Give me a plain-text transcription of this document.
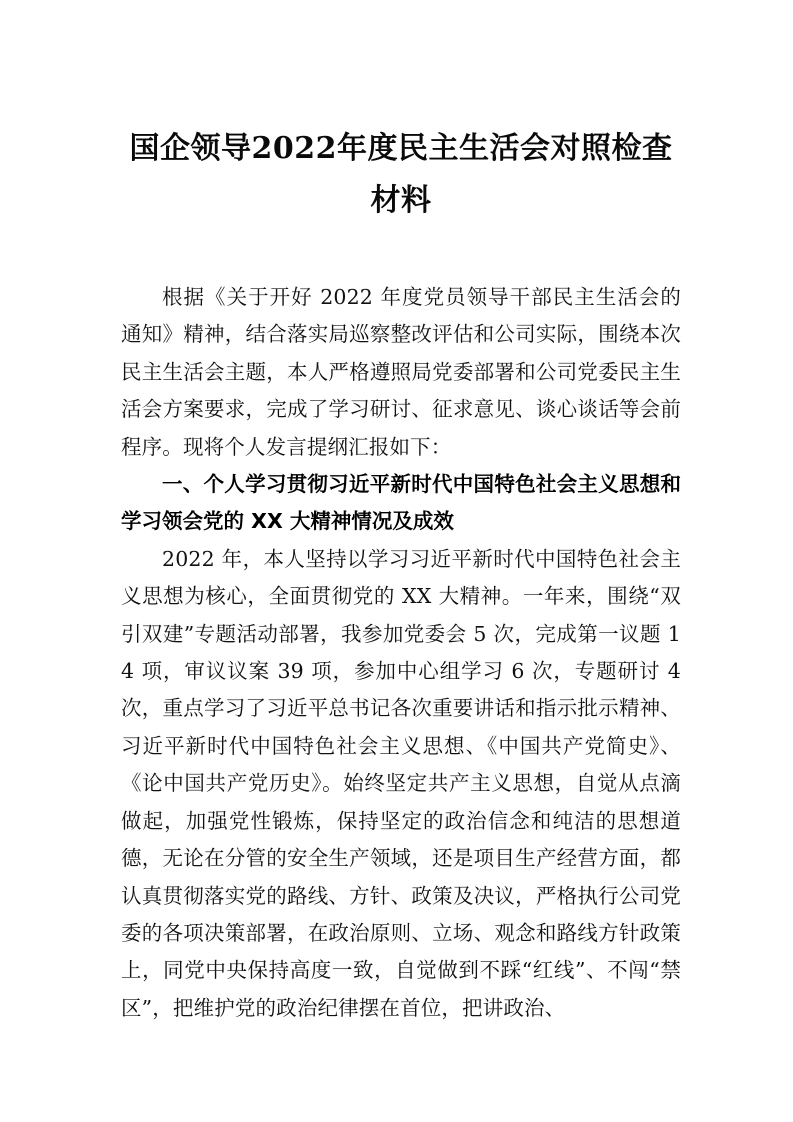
国企领导2022年度民主生活会对照检查材料

根据《关于开好 2022 年度党员领导干部民主生活会的通知》精神，结合落实局巡察整改评估和公司实际，围绕本次民主生活会主题，本人严格遵照局党委部署和公司党委民主生活会方案要求，完成了学习研讨、征求意见、谈心谈话等会前程序。现将个人发言提纲汇报如下：

一、个人学习贯彻习近平新时代中国特色社会主义思想和学习领会党的 XX 大精神情况及成效

2022 年，本人坚持以学习习近平新时代中国特色社会主义思想为核心，全面贯彻党的 XX 大精神。一年来，围绕“双引双建”专题活动部署，我参加党委会 5 次，完成第一议题 14 项，审议议案 39 项，参加中心组学习 6 次，专题研讨 4 次，重点学习了习近平总书记各次重要讲话和指示批示精神、习近平新时代中国特色社会主义思想、《中国共产党简史》、《论中国共产党历史》。始终坚定共产主义思想，自觉从点滴做起，加强党性锻炼，保持坚定的政治信念和纯洁的思想道德，无论在分管的安全生产领域，还是项目生产经营方面，都认真贯彻落实党的路线、方针、政策及决议，严格执行公司党委的各项决策部署，在政治原则、立场、观念和路线方针政策上，同党中央保持高度一致，自觉做到不踩“红线”、不闯“禁区”，把维护党的政治纪律摆在首位，把讲政治、
